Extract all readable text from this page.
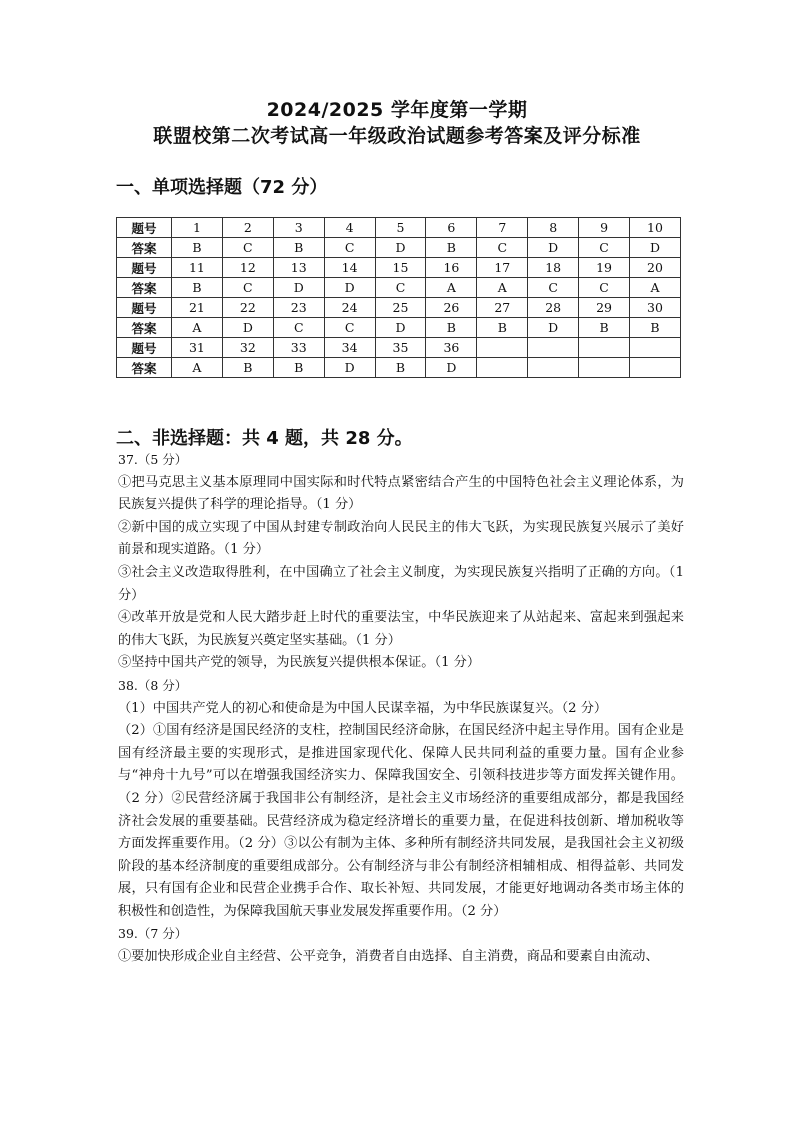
2024/2025 学年度第一学期
联盟校第二次考试高一年级政治试题参考答案及评分标准
一、单项选择题（72 分）
题号	1	2	3	4	5	6	7	8	9	10
答案	B	C	B	C	D	B	C	D	C	D
题号	11	12	13	14	15	16	17	18	19	20
答案	B	C	D	D	C	A	A	C	C	A
题号	21	22	23	24	25	26	27	28	29	30
答案	A	D	C	C	D	B	B	D	B	B
题号	31	32	33	34	35	36				
答案	A	B	B	D	B	D				
二、非选择题：共 4 题，共 28 分。

37.（5 分）

①把马克思主义基本原理同中国实际和时代特点紧密结合产生的中国特色社会主义理论体系，为民族复兴提供了科学的理论指导。（1 分）

②新中国的成立实现了中国从封建专制政治向人民民主的伟大飞跃，为实现民族复兴展示了美好前景和现实道路。（1 分）

③社会主义改造取得胜利，在中国确立了社会主义制度，为实现民族复兴指明了正确的方向。（1 分）

④改革开放是党和人民大踏步赶上时代的重要法宝，中华民族迎来了从站起来、富起来到强起来的伟大飞跃，为民族复兴奠定坚实基础。（1 分）

⑤坚持中国共产党的领导，为民族复兴提供根本保证。（1 分）

38.（8 分）

（1）中国共产党人的初心和使命是为中国人民谋幸福，为中华民族谋复兴。（2 分）

（2）①国有经济是国民经济的支柱，控制国民经济命脉，在国民经济中起主导作用。国有企业是国有经济最主要的实现形式，是推进国家现代化、保障人民共同利益的重要力量。国有企业参与“神舟十九号”可以在增强我国经济实力、保障我国安全、引领科技进步等方面发挥关键作用。（2 分）②民营经济属于我国非公有制经济，是社会主义市场经济的重要组成部分，都是我国经济社会发展的重要基础。民营经济成为稳定经济增长的重要力量，在促进科技创新、增加税收等方面发挥重要作用。（2 分）③以公有制为主体、多种所有制经济共同发展，是我国社会主义初级阶段的基本经济制度的重要组成部分。公有制经济与非公有制经济相辅相成、相得益彰、共同发展，只有国有企业和民营企业携手合作、取长补短、共同发展，才能更好地调动各类市场主体的积极性和创造性，为保障我国航天事业发展发挥重要作用。（2 分）

39.（7 分）

①要加快形成企业自主经营、公平竞争，消费者自由选择、自主消费，商品和要素自由流动、
